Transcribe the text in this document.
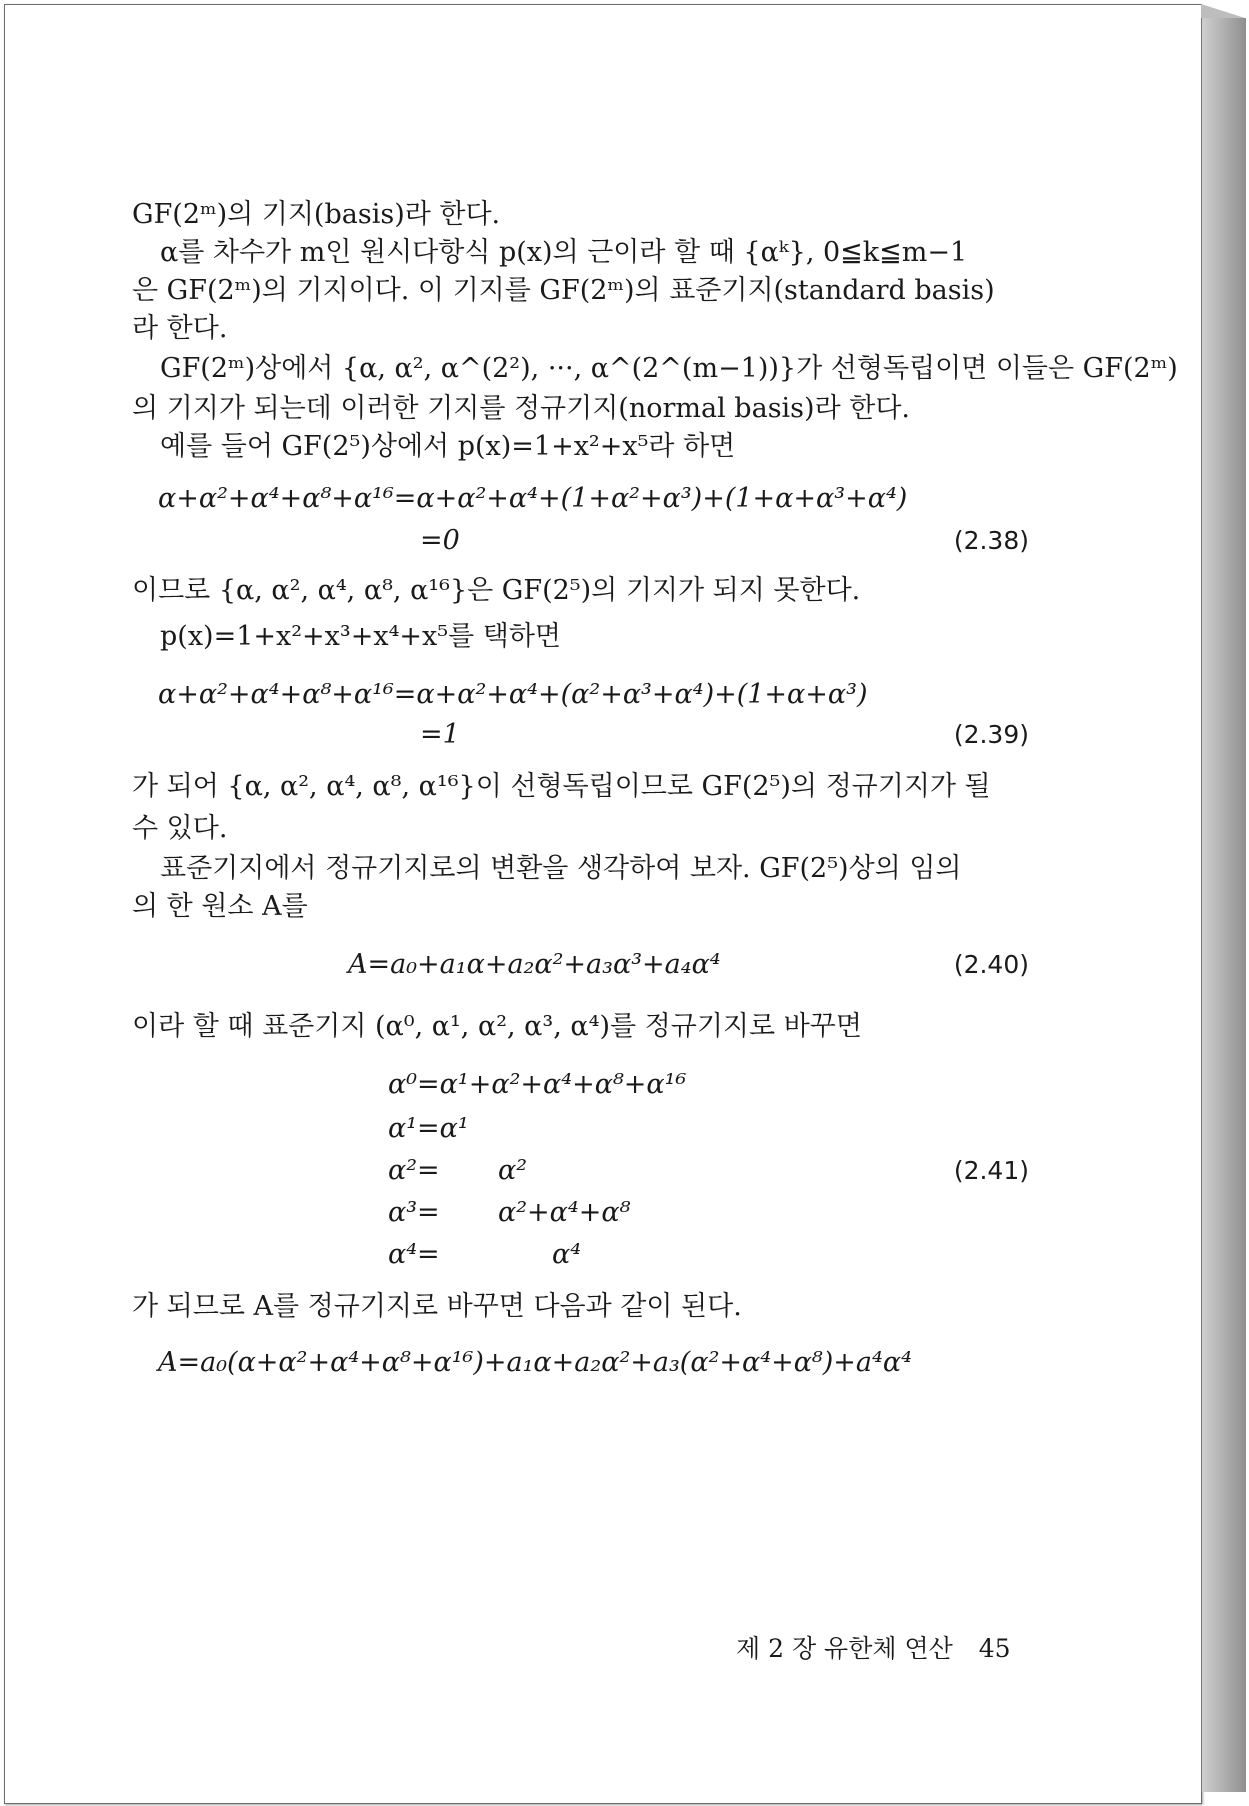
GF(2ᵐ)의 기지(basis)라 한다.
α를 차수가 m인 원시다항식 p(x)의 근이라 할 때 {αᵏ}, 0≦k≦m−1
은 GF(2ᵐ)의 기지이다. 이 기지를 GF(2ᵐ)의 표준기지(standard basis)
라 한다.
GF(2ᵐ)상에서 {α, α², α^(2²), ···, α^(2^(m−1))}가 선형독립이면 이들은 GF(2ᵐ)
의 기지가 되는데 이러한 기지를 정규기지(normal basis)라 한다.
예를 들어 GF(2⁵)상에서 p(x)=1+x²+x⁵라 하면
α+α²+α⁴+α⁸+α¹⁶=α+α²+α⁴+(1+α²+α³)+(1+α+α³+α⁴)
=0	(2.38)
이므로 {α, α², α⁴, α⁸, α¹⁶}은 GF(2⁵)의 기지가 되지 못한다.
p(x)=1+x²+x³+x⁴+x⁵를 택하면
α+α²+α⁴+α⁸+α¹⁶=α+α²+α⁴+(α²+α³+α⁴)+(1+α+α³)
=1	(2.39)
가 되어 {α, α², α⁴, α⁸, α¹⁶}이 선형독립이므로 GF(2⁵)의 정규기지가 될
수 있다.
표준기지에서 정규기지로의 변환을 생각하여 보자. GF(2⁵)상의 임의
의 한 원소 A를
A=a₀+a₁α+a₂α²+a₃α³+a₄α⁴	(2.40)
이라 할 때 표준기지 (α⁰, α¹, α², α³, α⁴)를 정규기지로 바꾸면
α⁰=α¹+α²+α⁴+α⁸+α¹⁶
α¹=α¹
α²= α²
α³= α²+α⁴+α⁸
α⁴=	α⁴
(2.41)
가 되므로 A를 정규기지로 바꾸면 다음과 같이 된다.
A=a₀(α+α²+α⁴+α⁸+α¹⁶)+a₁α+a₂α²+a₃(α²+α⁴+α⁸)+a⁴α⁴
제 2 장 유한체 연산 45
